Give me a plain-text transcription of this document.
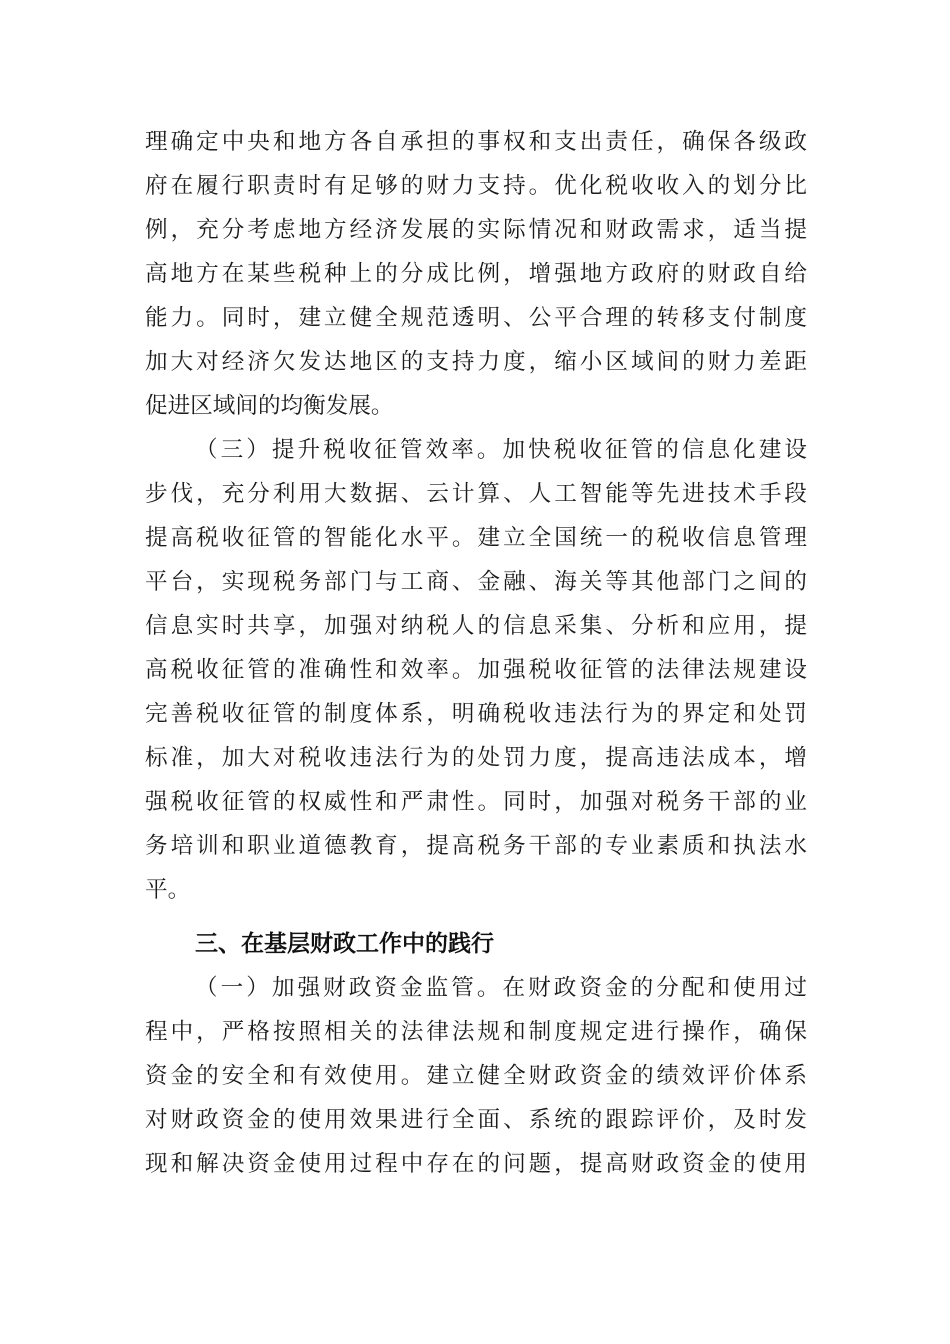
理确定中央和地方各自承担的事权和支出责任，确保各级政
府在履行职责时有足够的财力支持。优化税收收入的划分比
例，充分考虑地方经济发展的实际情况和财政需求，适当提
高地方在某些税种上的分成比例，增强地方政府的财政自给
能力。同时，建立健全规范透明、公平合理的转移支付制度
加大对经济欠发达地区的支持力度，缩小区域间的财力差距
促进区域间的均衡发展。
（三）提升税收征管效率。加快税收征管的信息化建设
步伐，充分利用大数据、云计算、人工智能等先进技术手段
提高税收征管的智能化水平。建立全国统一的税收信息管理
平台，实现税务部门与工商、金融、海关等其他部门之间的
信息实时共享，加强对纳税人的信息采集、分析和应用，提
高税收征管的准确性和效率。加强税收征管的法律法规建设
完善税收征管的制度体系，明确税收违法行为的界定和处罚
标准，加大对税收违法行为的处罚力度，提高违法成本，增
强税收征管的权威性和严肃性。同时，加强对税务干部的业
务培训和职业道德教育，提高税务干部的专业素质和执法水
平。
三、在基层财政工作中的践行
（一）加强财政资金监管。在财政资金的分配和使用过
程中，严格按照相关的法律法规和制度规定进行操作，确保
资金的安全和有效使用。建立健全财政资金的绩效评价体系
对财政资金的使用效果进行全面、系统的跟踪评价，及时发
现和解决资金使用过程中存在的问题，提高财政资金的使用
